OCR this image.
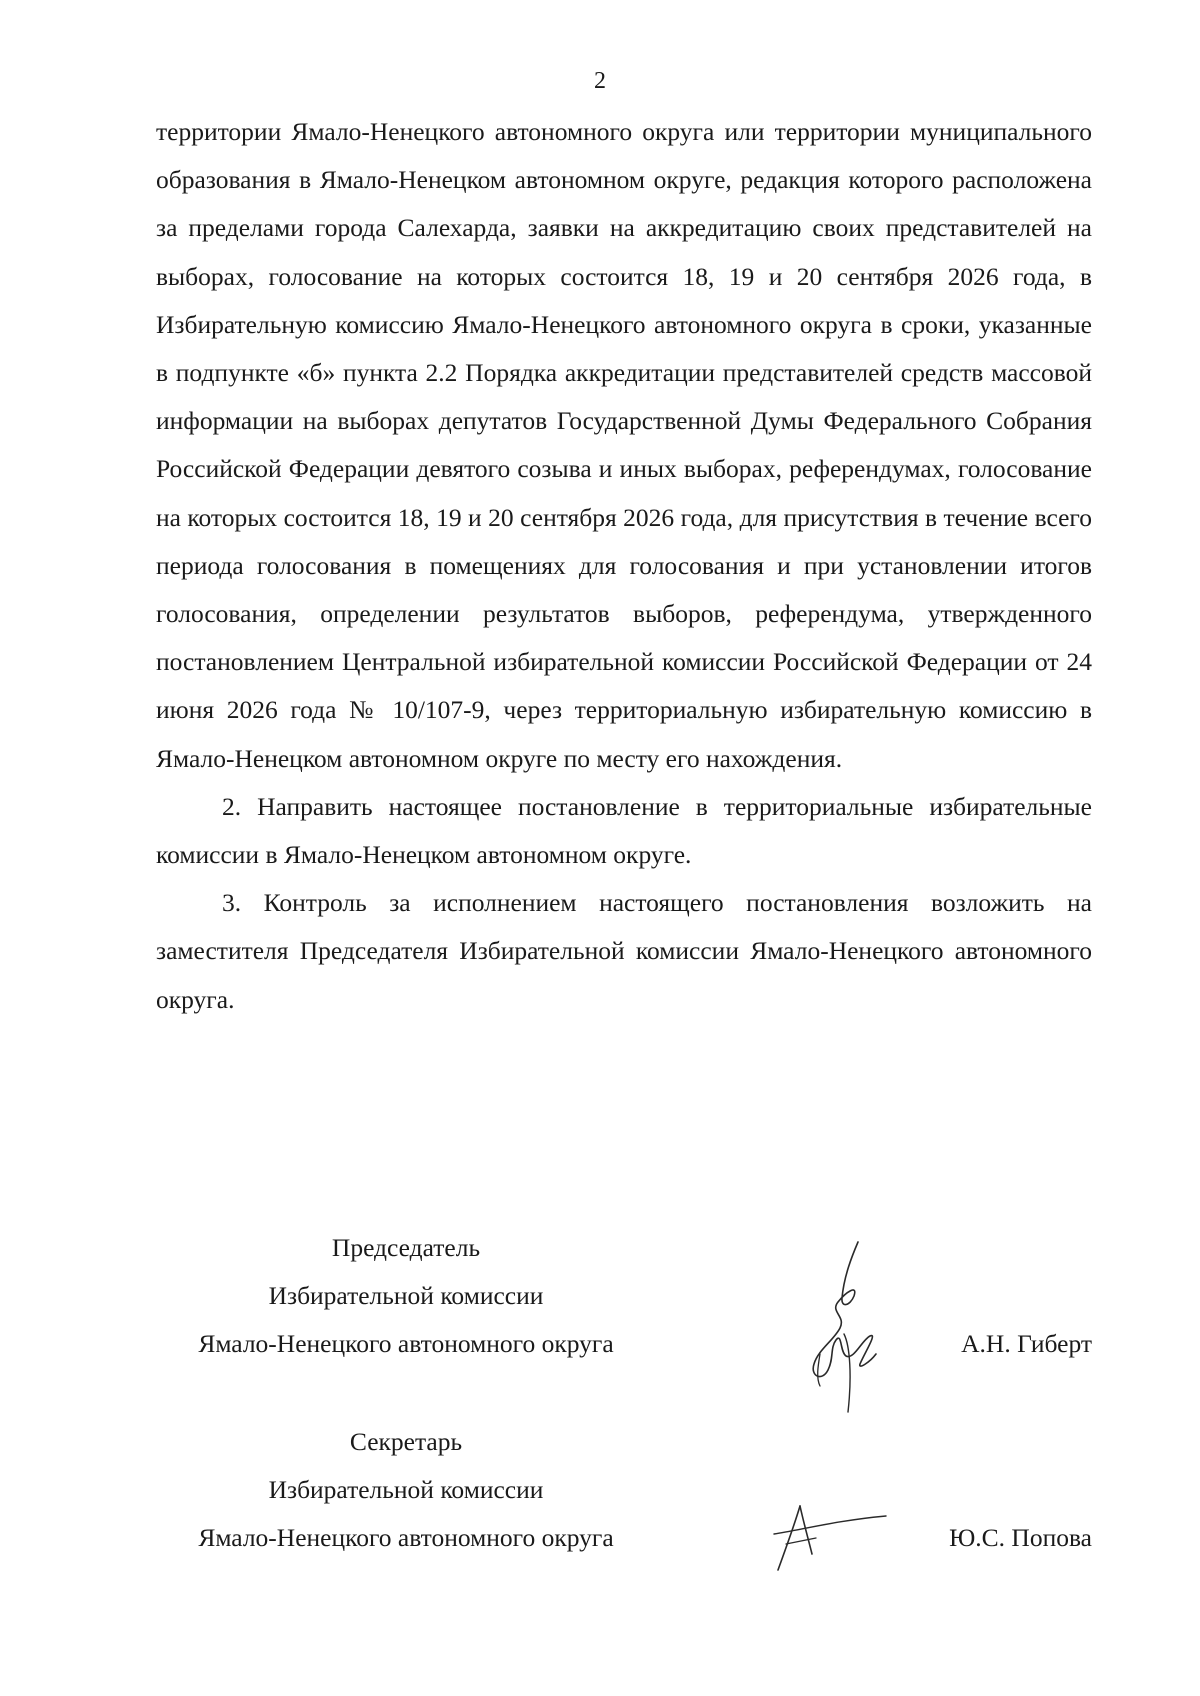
2

территории Ямало-Ненецкого автономного округа или территории муниципального образования в Ямало-Ненецком автономном округе, редакция которого расположена за пределами города Салехарда, заявки на аккредитацию своих представителей на выборах, голосование на которых состоится 18, 19 и 20 сентября 2026 года, в Избирательную комиссию Ямало-Ненецкого автономного округа в сроки, указанные в подпункте «б» пункта 2.2 Порядка аккредитации представителей средств массовой информации на выборах депутатов Государственной Думы Федерального Собрания Российской Федерации девятого созыва и иных выборах, референдумах, голосование на которых состоится 18, 19 и 20 сентября 2026 года, для присутствия в течение всего периода голосования в помещениях для голосования и при установлении итогов голосования, определении результатов выборов, референдума, утвержденного постановлением Центральной избирательной комиссии Российской Федерации от 24 июня 2026 года № 10/107-9, через территориальную избирательную комиссию в Ямало-Ненецком автономном округе по месту его нахождения.

2. Направить настоящее постановление в территориальные избирательные комиссии в Ямало-Ненецком автономном округе.

3. Контроль за исполнением настоящего постановления возложить на заместителя Председателя Избирательной комиссии Ямало-Ненецкого автономного округа.

Председатель
Избирательной комиссии
Ямало-Ненецкого автономного округа	А.Н. Гиберт
Секретарь
Избирательной комиссии
Ямало-Ненецкого автономного округа	Ю.С. Попова
